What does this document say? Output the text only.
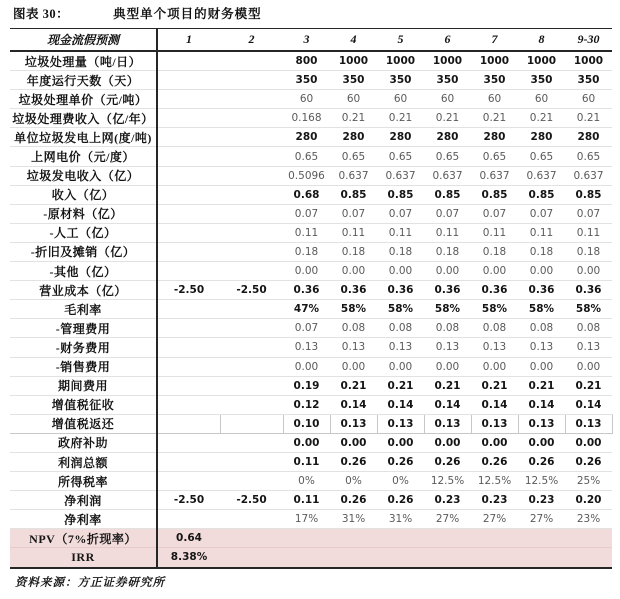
图表 30：	典型单个项目的财务模型
现金流假预测	1	2	3	4	5	6	7	8	9-30
垃圾处理量（吨/日）			800	1000	1000	1000	1000	1000	1000
年度运行天数（天）			350	350	350	350	350	350	350
垃圾处理单价（元/吨）			60	60	60	60	60	60	60
垃圾处理费收入（亿/年）			0.168	0.21	0.21	0.21	0.21	0.21	0.21
单位垃圾发电上网(度/吨)			280	280	280	280	280	280	280
上网电价（元/度）			0.65	0.65	0.65	0.65	0.65	0.65	0.65
垃圾发电收入（亿）			0.5096	0.637	0.637	0.637	0.637	0.637	0.637
收入（亿）			0.68	0.85	0.85	0.85	0.85	0.85	0.85
-原材料（亿）			0.07	0.07	0.07	0.07	0.07	0.07	0.07
-人工（亿）			0.11	0.11	0.11	0.11	0.11	0.11	0.11
-折旧及摊销（亿）			0.18	0.18	0.18	0.18	0.18	0.18	0.18
-其他（亿）			0.00	0.00	0.00	0.00	0.00	0.00	0.00
营业成本（亿）	-2.50	-2.50	0.36	0.36	0.36	0.36	0.36	0.36	0.36
毛利率			47%	58%	58%	58%	58%	58%	58%
-管理费用			0.07	0.08	0.08	0.08	0.08	0.08	0.08
-财务费用			0.13	0.13	0.13	0.13	0.13	0.13	0.13
-销售费用			0.00	0.00	0.00	0.00	0.00	0.00	0.00
期间费用			0.19	0.21	0.21	0.21	0.21	0.21	0.21
增值税征收			0.12	0.14	0.14	0.14	0.14	0.14	0.14
增值税返还			0.10	0.13	0.13	0.13	0.13	0.13	0.13
政府补助			0.00	0.00	0.00	0.00	0.00	0.00	0.00
利润总额			0.11	0.26	0.26	0.26	0.26	0.26	0.26
所得税率			0%	0%	0%	12.5%	12.5%	12.5%	25%
净利润	-2.50	-2.50	0.11	0.26	0.26	0.23	0.23	0.23	0.20
净利率			17%	31%	31%	27%	27%	27%	23%
NPV（7%折现率）	0.64								
IRR	8.38%								
资料来源：方正证券研究所
